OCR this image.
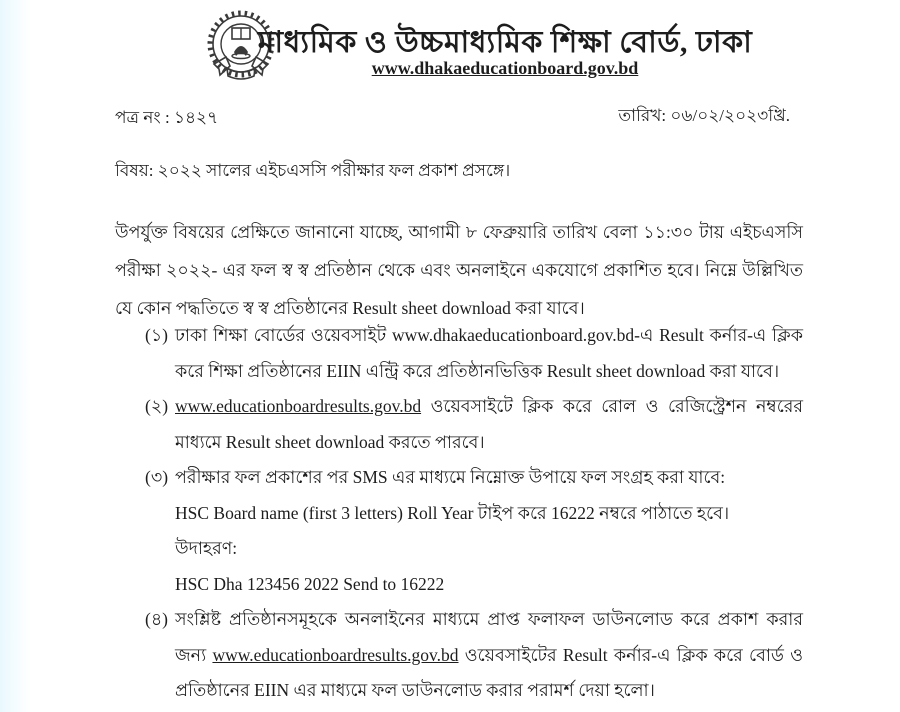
মাধ্যমিক ও উচ্চমাধ্যমিক শিক্ষা বোর্ড, ঢাকা
www.dhakaeducationboard.gov.bd
পত্র নং : ১৪২৭	তারিখ: ০৬/০২/২০২৩খ্রি.
বিষয়: ২০২২ সালের এইচএসসি পরীক্ষার ফল প্রকাশ প্রসঙ্গে।
উপর্যুক্ত বিষয়ের প্রেক্ষিতে জানানো যাচ্ছে, আগামী ৮ ফেব্রুয়ারি তারিখ বেলা ১১:৩০ টায় এইচএসসি পরীক্ষা ২০২২- এর ফল স্ব স্ব প্রতিষ্ঠান থেকে এবং অনলাইনে একযোগে প্রকাশিত হবে। নিম্নে উল্লিখিত যে কোন পদ্ধতিতে স্ব স্ব প্রতিষ্ঠানের Result sheet download করা যাবে।
(১) ঢাকা শিক্ষা বোর্ডের ওয়েবসাইট www.dhakaeducationboard.gov.bd-এ Result কর্নার-এ ক্লিক করে শিক্ষা প্রতিষ্ঠানের EIIN এন্ট্রি করে প্রতিষ্ঠানভিত্তিক Result sheet download করা যাবে।
(২) www.educationboardresults.gov.bd ওয়েবসাইটে ক্লিক করে রোল ও রেজিস্ট্রেশন নম্বরের মাধ্যমে Result sheet download করতে পারবে।
(৩) পরীক্ষার ফল প্রকাশের পর SMS এর মাধ্যমে নিম্নোক্ত উপায়ে ফল সংগ্রহ করা যাবে:
HSC Board name (first 3 letters) Roll Year টাইপ করে 16222 নম্বরে পাঠাতে হবে।
উদাহরণ:
HSC Dha 123456 2022 Send to 16222
(৪) সংশ্লিষ্ট প্রতিষ্ঠানসমূহকে অনলাইনের মাধ্যমে প্রাপ্ত ফলাফল ডাউনলোড করে প্রকাশ করার জন্য www.educationboardresults.gov.bd ওয়েবসাইটের Result কর্নার-এ ক্লিক করে বোর্ড ও প্রতিষ্ঠানের EIIN এর মাধ্যমে ফল ডাউনলোড করার পরামর্শ দেয়া হলো।
